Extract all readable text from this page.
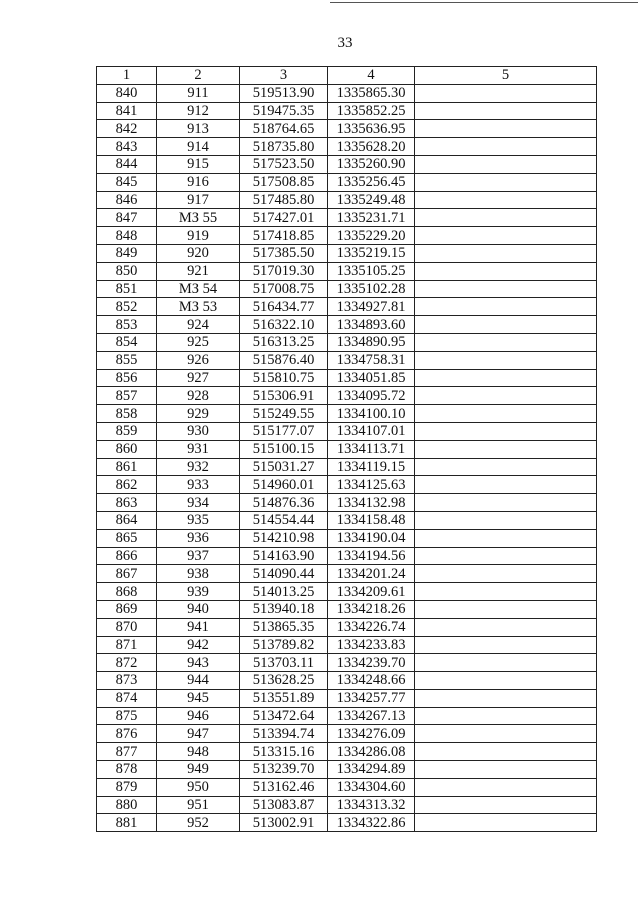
33
1	2	3	4	5
840	911	519513.90	1335865.30	
841	912	519475.35	1335852.25	
842	913	518764.65	1335636.95	
843	914	518735.80	1335628.20	
844	915	517523.50	1335260.90	
845	916	517508.85	1335256.45	
846	917	517485.80	1335249.48	
847	МЗ 55	517427.01	1335231.71	
848	919	517418.85	1335229.20	
849	920	517385.50	1335219.15	
850	921	517019.30	1335105.25	
851	МЗ 54	517008.75	1335102.28	
852	МЗ 53	516434.77	1334927.81	
853	924	516322.10	1334893.60	
854	925	516313.25	1334890.95	
855	926	515876.40	1334758.31	
856	927	515810.75	1334051.85	
857	928	515306.91	1334095.72	
858	929	515249.55	1334100.10	
859	930	515177.07	1334107.01	
860	931	515100.15	1334113.71	
861	932	515031.27	1334119.15	
862	933	514960.01	1334125.63	
863	934	514876.36	1334132.98	
864	935	514554.44	1334158.48	
865	936	514210.98	1334190.04	
866	937	514163.90	1334194.56	
867	938	514090.44	1334201.24	
868	939	514013.25	1334209.61	
869	940	513940.18	1334218.26	
870	941	513865.35	1334226.74	
871	942	513789.82	1334233.83	
872	943	513703.11	1334239.70	
873	944	513628.25	1334248.66	
874	945	513551.89	1334257.77	
875	946	513472.64	1334267.13	
876	947	513394.74	1334276.09	
877	948	513315.16	1334286.08	
878	949	513239.70	1334294.89	
879	950	513162.46	1334304.60	
880	951	513083.87	1334313.32	
881	952	513002.91	1334322.86	
